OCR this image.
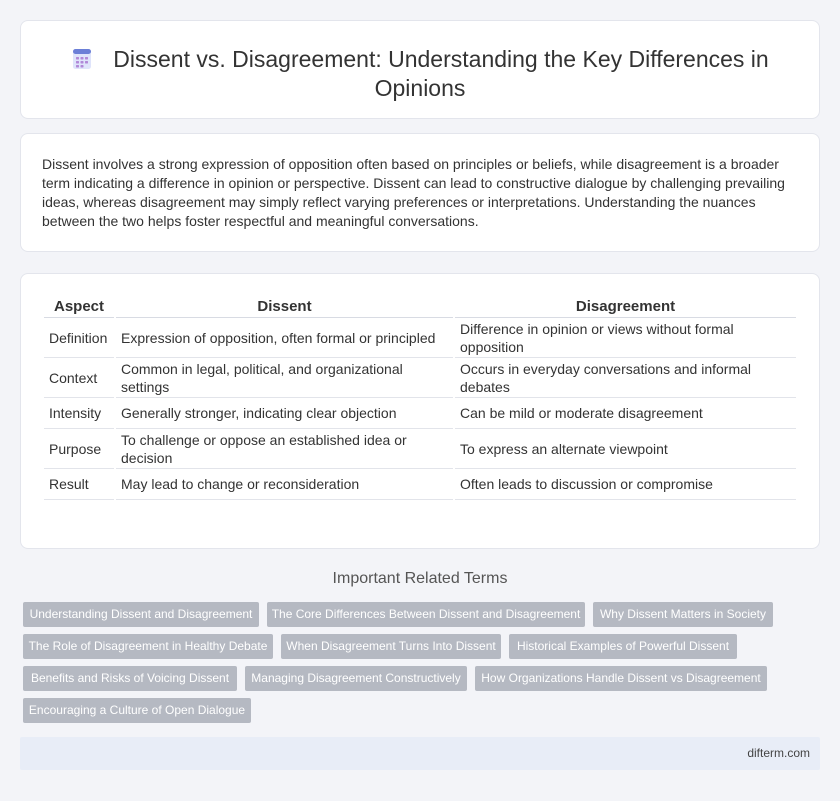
Dissent vs. Disagreement: Understanding the Key Differences in Opinions

Dissent involves a strong expression of opposition often based on principles or beliefs, while disagreement is a broader term indicating a difference in opinion or perspective. Dissent can lead to constructive dialogue by challenging prevailing ideas, whereas disagreement may simply reflect varying preferences or interpretations. Understanding the nuances between the two helps foster respectful and meaningful conversations.

Aspect	Dissent	Disagreement
Definition	Expression of opposition, often formal or principled	Difference in opinion or views without formal opposition
Context	Common in legal, political, and organizational settings	Occurs in everyday conversations and informal debates
Intensity	Generally stronger, indicating clear objection	Can be mild or moderate disagreement
Purpose	To challenge or oppose an established idea or decision	To express an alternate viewpoint
Result	May lead to change or reconsideration	Often leads to discussion or compromise
Important Related Terms
Understanding Dissent and Disagreement	The Core Differences Between Dissent and Disagreement	Why Dissent Matters in Society
The Role of Disagreement in Healthy Debate	When Disagreement Turns Into Dissent	Historical Examples of Powerful Dissent
Benefits and Risks of Voicing Dissent	Managing Disagreement Constructively	How Organizations Handle Dissent vs Disagreement
Encouraging a Culture of Open Dialogue
difterm.com
